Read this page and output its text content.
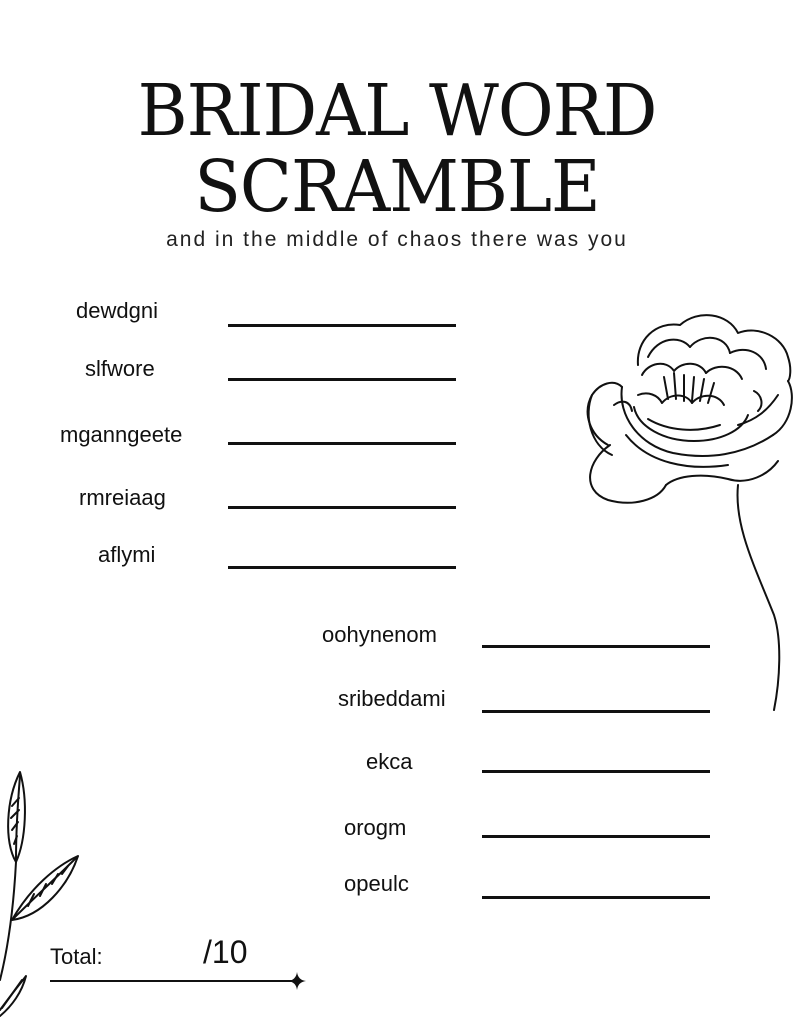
BRIDAL WORD
SCRAMBLE
and in the middle of chaos there was you
dewdgni
slfwore
mganngeete
rmreiaag
aflymi
oohynenom
sribeddami
ekca
orogm
opeulc
Total:	/10
